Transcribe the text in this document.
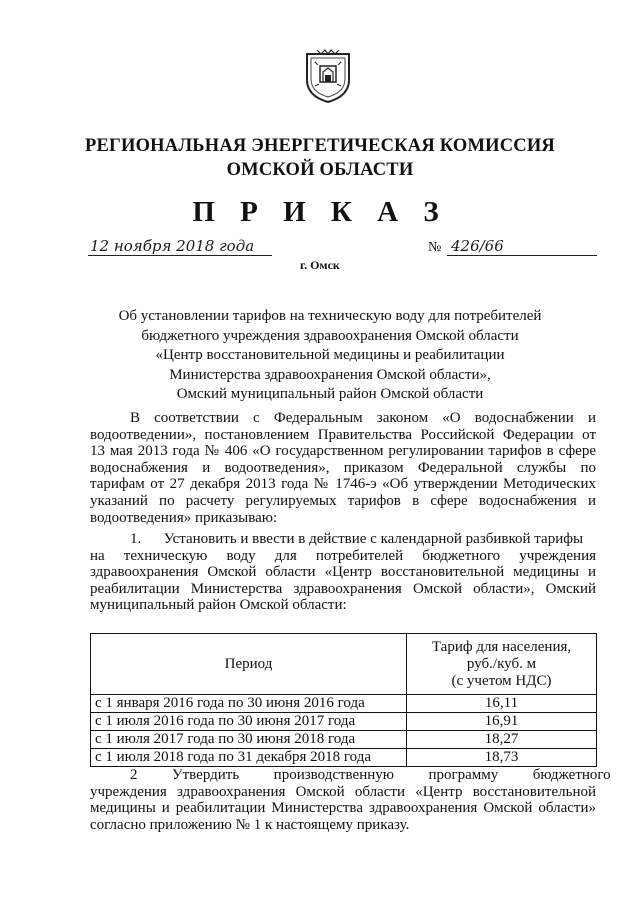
РЕГИОНАЛЬНАЯ ЭНЕРГЕТИЧЕСКАЯ КОМИССИЯ
ОМСКОЙ ОБЛАСТИ
П Р И К А З
12 ноября 2018 года	№ 426/66
г. Омск
Об установлении тарифов на техническую воду для потребителей
бюджетного учреждения здравоохранения Омской области
«Центр восстановительной медицины и реабилитации
Министерства здравоохранения Омской области»,
Омский муниципальный район Омской области

В соответствии с Федеральным законом «О водоснабжении и

водоотведении», постановлением Правительства Российской Федерации от

13 мая 2013 года № 406 «О государственном регулировании тарифов в сфере

водоснабжения и водоотведения», приказом Федеральной службы по

тарифам от 27 декабря 2013 года № 1746-э «Об утверждении Методических

указаний по расчету регулируемых тарифов в сфере водоснабжения и

водоотведения» приказываю:

1.      Установить и ввести в действие с календарной разбивкой тарифы

на техническую воду для потребителей бюджетного учреждения

здравоохранения Омской области «Центр восстановительной медицины и

реабилитации Министерства здравоохранения Омской области», Омский

муниципальный район Омской области:

Период	Тариф для населения,
руб./куб. м
(с учетом НДС)

с 1 января 2016 года по 30 июня 2016 года	16,11
с 1 июля 2016 года по 30 июня 2017 года	16,91
с 1 июля 2017 года по 30 июня 2018 года	18,27
с 1 июля 2018 года по 31 декабря 2018 года	18,73

2      Утвердить      производственную      программу      бюджетного

учреждения здравоохранения Омской области «Центр восстановительной

медицины и реабилитации Министерства здравоохранения Омской области»

согласно приложению № 1 к настоящему приказу.
